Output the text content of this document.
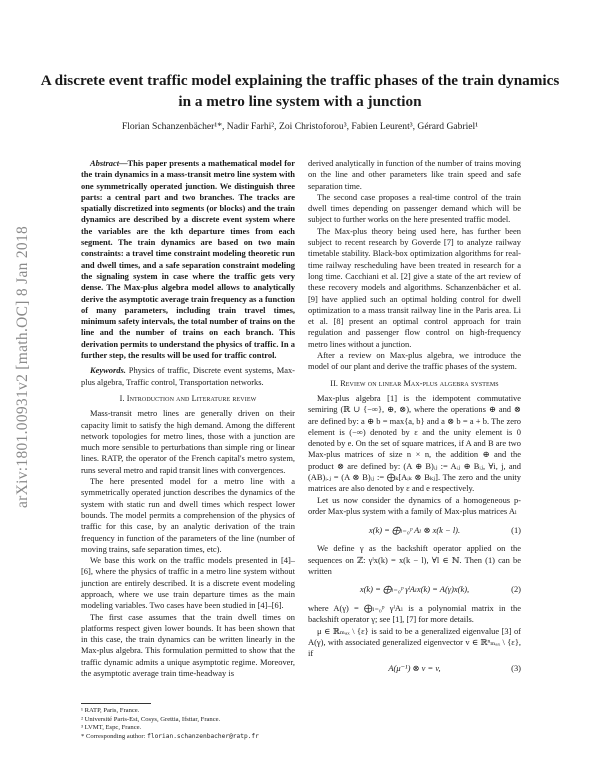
arXiv:1801.00931v2 [math.OC] 8 Jan 2018
A discrete event traffic model explaining the traffic phases of the train dynamics in a metro line system with a junction
Florian Schanzenbächer¹*, Nadir Farhi², Zoi Christoforou³, Fabien Leurent³, Gérard Gabriel¹

Abstract—This paper presents a mathematical model for the train dynamics in a mass-transit metro line system with one symmetrically operated junction. We distinguish three parts: a central part and two branches. The tracks are spatially discretized into segments (or blocks) and the train dynamics are described by a discrete event system where the variables are the kth departure times from each segment. The train dynamics are based on two main constraints: a travel time constraint modeling theoretic run and dwell times, and a safe separation constraint modeling the signaling system in case where the traffic gets very dense. The Max-plus algebra model allows to analytically derive the asymptotic average train frequency as a function of many parameters, including train travel times, minimum safety intervals, the total number of trains on the line and the number of trains on each branch. This derivation permits to understand the physics of traffic. In a further step, the results will be used for traffic control.

Keywords. Physics of traffic, Discrete event systems, Max-plus algebra, Traffic control, Transportation networks.

I. Introduction and Literature review

Mass-transit metro lines are generally driven on their capacity limit to satisfy the high demand. Among the different network topologies for metro lines, those with a junction are much more sensible to perturbations than simple ring or linear lines. RATP, the operator of the French capital's metro system, runs several metro and rapid transit lines with convergences.

The here presented model for a metro line with a symmetrically operated junction describes the dynamics of the system with static run and dwell times which respect lower bounds. The model permits a comprehension of the physics of traffic for this case, by an analytic derivation of the train frequency in function of the parameters of the line (number of moving trains, safe separation times, etc).

We base this work on the traffic models presented in [4]–[6], where the physics of traffic in a metro line system without junction are entirely described. It is a discrete event modeling approach, where we use train departure times as the main modeling variables. Two cases have been studied in [4]–[6].

The first case assumes that the train dwell times on platforms respect given lower bounds. It has been shown that in this case, the train dynamics can be written linearly in the Max-plus algebra. This formulation permitted to show that the traffic dynamic admits a unique asymptotic regime. Moreover, the asymptotic average train time-headway is

¹ RATP, Paris, France.
² Université Paris-Est, Cosys, Grettia, Ifsttar, France.
³ LVMT, Espc, France.
* Corresponding author: florian.schanzenbacher@ratp.fr

derived analytically in function of the number of trains moving on the line and other parameters like train speed and safe separation time.

The second case proposes a real-time control of the train dwell times depending on passenger demand which will be subject to further works on the here presented traffic model.

The Max-plus theory being used here, has further been subject to recent research by Goverde [7] to analyze railway timetable stability. Black-box optimization algorithms for real-time railway rescheduling have been treated in research for a long time. Cacchiani et al. [2] give a state of the art review of these recovery models and algorithms. Schanzenbächer et al. [9] have applied such an optimal holding control for dwell optimization to a mass transit railway line in the Paris area. Li et al. [8] present an optimal control approach for train regulation and passenger flow control on high-frequency metro lines without a junction.

After a review on Max-plus algebra, we introduce the model of our plant and derive the traffic phases of the system.

II. Review on linear Max-plus algebra systems

Max-plus algebra [1] is the idempotent commutative semiring (ℝ ∪ {−∞}, ⊕, ⊗), where the operations ⊕ and ⊗ are defined by: a ⊕ b = max{a, b} and a ⊗ b = a + b. The zero element is (−∞) denoted by ε and the unity element is 0 denoted by e. On the set of square matrices, if A and B are two Max-plus matrices of size n × n, the addition ⊕ and the product ⊗ are defined by: (A ⊕ B)ᵢⱼ := Aᵢⱼ ⊕ Bᵢⱼ, ∀i, j, and (AB)ᵢ.ⱼ = (A ⊗ B)ᵢⱼ := ⨁ₖ[Aᵢₖ ⊗ Bₖⱼ]. The zero and the unity matrices are also denoted by ε and e respectively.

Let us now consider the dynamics of a homogeneous p-order Max-plus system with a family of Max-plus matrices Aₗ

x(k) = ⨁ₗ₌₀ᵖ Aₗ ⊗ x(k − l).	(1)

We define γ as the backshift operator applied on the sequences on ℤ: γˡx(k) = x(k − l), ∀l ∈ ℕ. Then (1) can be written

x(k) = ⨁ₗ₌₀ᵖ γˡAₗx(k) = A(γ)x(k),	(2)

where A(γ) = ⨁ₗ₌₀ᵖ γˡAₗ is a polynomial matrix in the backshift operator γ; see [1], [7] for more details.

μ ∈ ℝₘₐₓ \ {ε} is said to be a generalized eigenvalue [3] of A(γ), with associated generalized eigenvector v ∈ ℝⁿₘₐₓ \ {ε}, if

A(μ⁻¹) ⊗ v = v,	(3)
